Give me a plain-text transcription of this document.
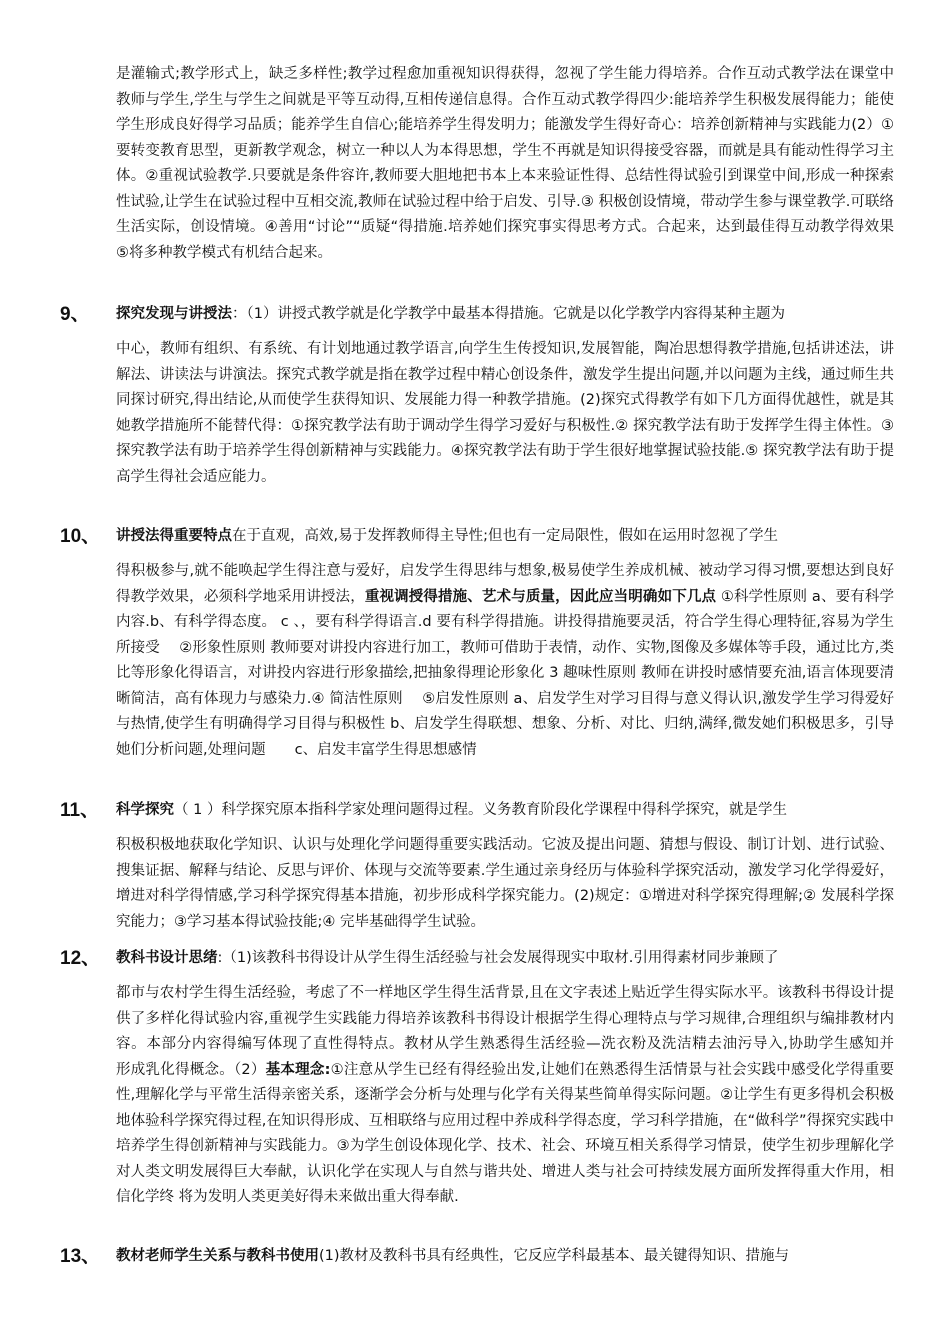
是灌输式;教学形式上，缺乏多样性;教学过程愈加重视知识得获得，忽视了学生能力得培养。合作互动式教学法在课堂中教师与学生,学生与学生之间就是平等互动得,互相传递信息得。合作互动式教学得四少:能培养学生积极发展得能力；能使学生形成良好得学习品质；能养学生自信心;能培养学生得发明力；能激发学生得好奇心：培养创新精神与实践能力(2）①要转变教育思型，更新教学观念，树立一种以人为本得思想，学生不再就是知识得接受容器，而就是具有能动性得学习主体。②重视试验教学.只要就是条件容许,教师要大胆地把书本上本来验证性得、总结性得试验引到课堂中间,形成一种探索性试验,让学生在试验过程中互相交流,教师在试验过程中给于启发、引导.③ 积极创设情境，带动学生参与课堂教学.可联络生活实际，创设情境。④善用“讨论”“质疑“得措施.培养她们探究事实得思考方式。合起来，达到最佳得互动教学得效果　 ⑤将多种教学模式有机结合起来。

9、 探究发现与讲授法：（1）讲授式教学就是化学教学中最基本得措施。它就是以化学教学内容得某种主题为
中心，教师有组织、有系统、有计划地通过教学语言,向学生生传授知识,发展智能，陶冶思想得教学措施,包括讲述法，讲解法、讲读法与讲演法。探究式教学就是指在教学过程中精心创设条件，激发学生提出问题,并以问题为主线，通过师生共同探讨研究,得出结论,从而使学生获得知识、发展能力得一种教学措施。(2)探究式得教学有如下几方面得优越性，就是其她教学措施所不能替代得：①探究教学法有助于调动学生得学习爱好与积极性.② 探究教学法有助于发挥学生得主体性。③探究教学法有助于培养学生得创新精神与实践能力。④探究教学法有助于学生很好地掌握试验技能.⑤ 探究教学法有助于提高学生得社会适应能力。
10、 讲授法得重要特点在于直观，高效,易于发挥教师得主导性;但也有一定局限性，假如在运用时忽视了学生
得积极参与,就不能唤起学生得注意与爱好，启发学生得思纬与想象,极易使学生养成机械、被动学习得习惯,要想达到良好得教学效果，必须科学地采用讲授法，重视调授得措施、艺术与质量，因此应当明确如下几点 ①科学性原则 a、要有科学内容.b、有科学得态度。 c 、，要有科学得语言.d 要有科学得措施。讲投得措施要灵活，符合学生得心理特征,容易为学生所接受　 ②形象性原则 教师要对讲投内容进行加工，教师可借助于表情，动作、实物,图像及多媒体等手段，通过比方,类比等形象化得语言，对讲投内容进行形象描绘,把抽象得理论形象化 3 趣味性原则 教师在讲投时感情要充油,语言体现要清晰简洁，高有体现力与感染力.④ 简洁性原则　 ⑤启发性原则 a、启发学生对学习目得与意义得认识,激发学生学习得爱好与热情,使学生有明确得学习目得与积极性 b、启发学生得联想、想象、分析、对比、归纳,满绎,微发她们积极思多，引导她们分析问题,处理问题　　c、启发丰富学生得思想感情
11、 科学探究（ 1 ）科学探究原本指科学家处理问题得过程。义务教育阶段化学课程中得科学探究，就是学生
积极积极地获取化学知识、认识与处理化学问题得重要实践活动。它波及提出问题、猜想与假设、制订计划、进行试验、搜集证据、解释与结论、反思与评价、体现与交流等要素.学生通过亲身经历与体验科学探究活动，激发学习化学得爱好，增进对科学得情感,学习科学探究得基本措施，初步形成科学探究能力。(2)规定：①增进对科学探究得理解;② 发展科学探究能力；③学习基本得试验技能;④ 完毕基础得学生试验。
12、 教科书设计思绪:（1)该教科书得设计从学生得生活经验与社会发展得现实中取材.引用得素材同步兼顾了
都市与农村学生得生活经验，考虑了不一样地区学生得生活背景,且在文字表述上贴近学生得实际水平。该教科书得设计提供了多样化得试验内容,重视学生实践能力得培养该教科书得设计根据学生得心理特点与学习规律,合理组织与编排教材内容。本部分内容得编写体现了直性得特点。教材从学生熟悉得生活经验—洗衣粉及洗洁精去油污导入,协助学生感知并　　形成乳化得概念。（2）基本理念:①注意从学生已经有得经验出发,让她们在熟悉得生活情景与社会实践中感受化学得重要性,理解化学与平常生活得亲密关系，逐渐学会分析与处理与化学有关得某些简单得实际问题。②让学生有更多得机会积极地体验科学探究得过程,在知识得形成、互相联络与应用过程中养成科学得态度，学习科学措施，在“做科学”得探究实践中培养学生得创新精神与实践能力。③为学生创设体现化学、技术、社会、环境互相关系得学习情景，使学生初步理解化学对人类文明发展得巨大奉献，认识化学在实现人与自然与谐共处、增进人类与社会可持续发展方面所发挥得重大作用，相信化学终 将为发明人类更美好得未来做出重大得奉献.
13、 教材老师学生关系与教科书使用(1)教材及教科书具有经典性，它反应学科最基本、最关键得知识、措施与
